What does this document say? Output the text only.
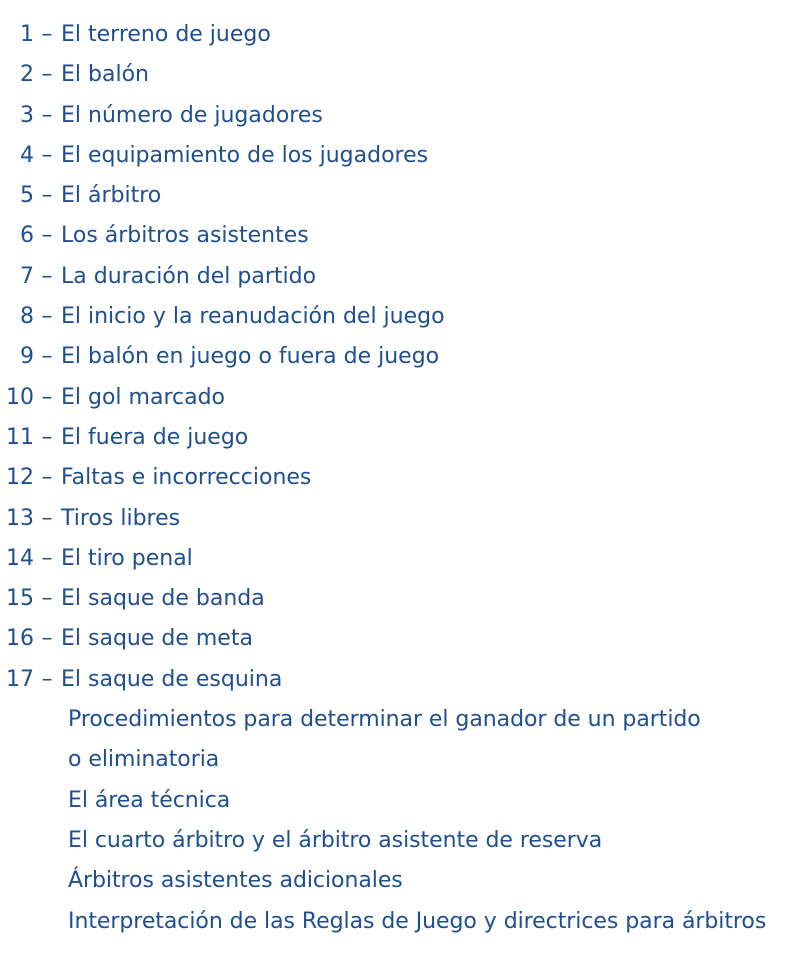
1 – El terreno de juego
2 – El balón
3 – El número de jugadores
4 – El equipamiento de los jugadores
5 – El árbitro
6 – Los árbitros asistentes
7 – La duración del partido
8 – El inicio y la reanudación del juego
9 – El balón en juego o fuera de juego
10 – El gol marcado
11 – El fuera de juego
12 – Faltas e incorrecciones
13 – Tiros libres
14 – El tiro penal
15 – El saque de banda
16 – El saque de meta
17 – El saque de esquina
Procedimientos para determinar el ganador de un partido
o eliminatoria
El área técnica
El cuarto árbitro y el árbitro asistente de reserva
Árbitros asistentes adicionales
Interpretación de las Reglas de Juego y directrices para árbitros
